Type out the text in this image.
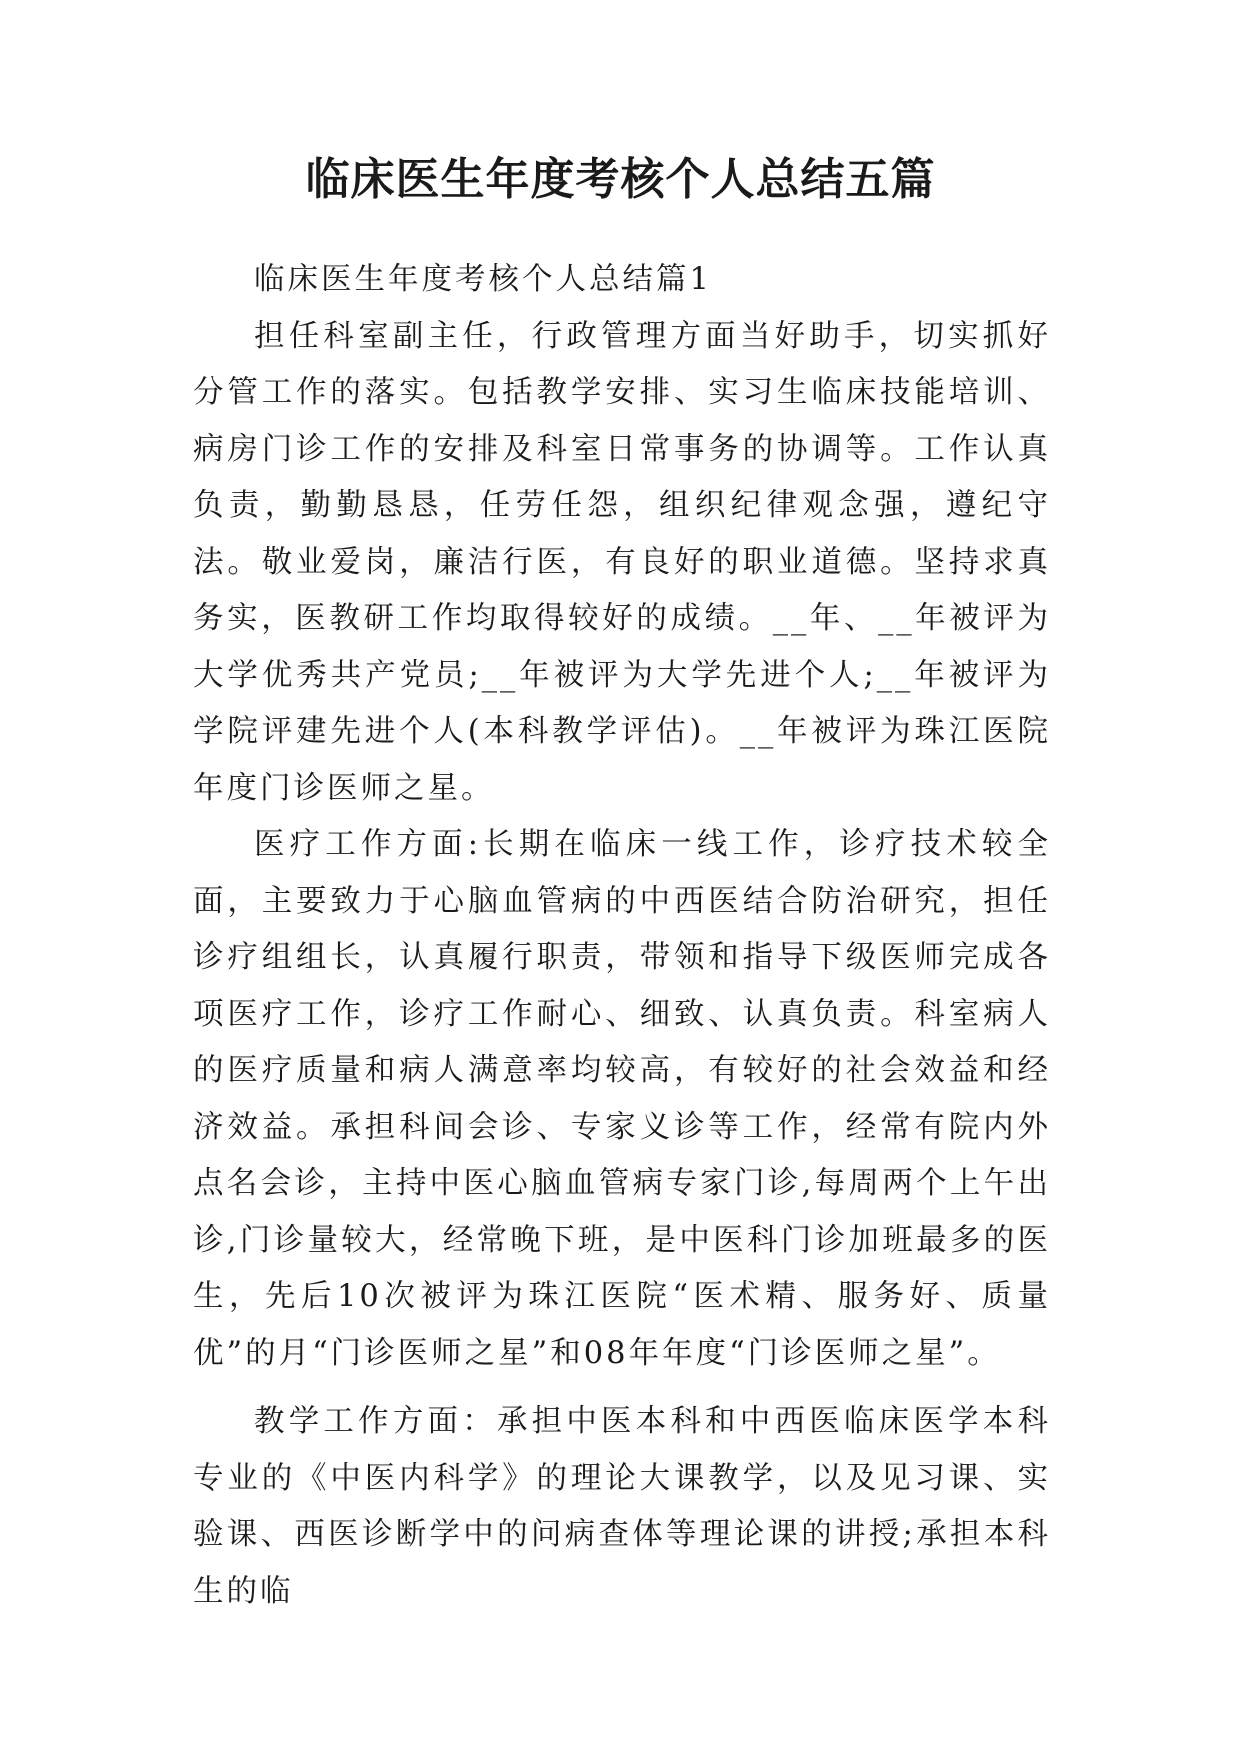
临床医生年度考核个人总结五篇

临床医生年度考核个人总结篇1

担任科室副主任，行政管理方面当好助手，切实抓好分管工作的落实。包括教学安排、实习生临床技能培训、病房门诊工作的安排及科室日常事务的协调等。工作认真负责，勤勤恳恳，任劳任怨，组织纪律观念强，遵纪守法。敬业爱岗，廉洁行医，有良好的职业道德。坚持求真务实，医教研工作均取得较好的成绩。__年、__年被评为大学优秀共产党员;__年被评为大学先进个人;__年被评为学院评建先进个人(本科教学评估)。__年被评为珠江医院年度门诊医师之星。

医疗工作方面:长期在临床一线工作，诊疗技术较全面，主要致力于心脑血管病的中西医结合防治研究，担任诊疗组组长，认真履行职责，带领和指导下级医师完成各项医疗工作，诊疗工作耐心、细致、认真负责。科室病人的医疗质量和病人满意率均较高，有较好的社会效益和经济效益。承担科间会诊、专家义诊等工作，经常有院内外点名会诊，主持中医心脑血管病专家门诊,每周两个上午出诊,门诊量较大，经常晚下班，是中医科门诊加班最多的医生，先后10次被评为珠江医院“医术精、服务好、质量优”的月“门诊医师之星”和08年年度“门诊医师之星”。

教学工作方面：承担中医本科和中西医临床医学本科专业的《中医内科学》的理论大课教学，以及见习课、实验课、西医诊断学中的问病查体等理论课的讲授;承担本科生的临
